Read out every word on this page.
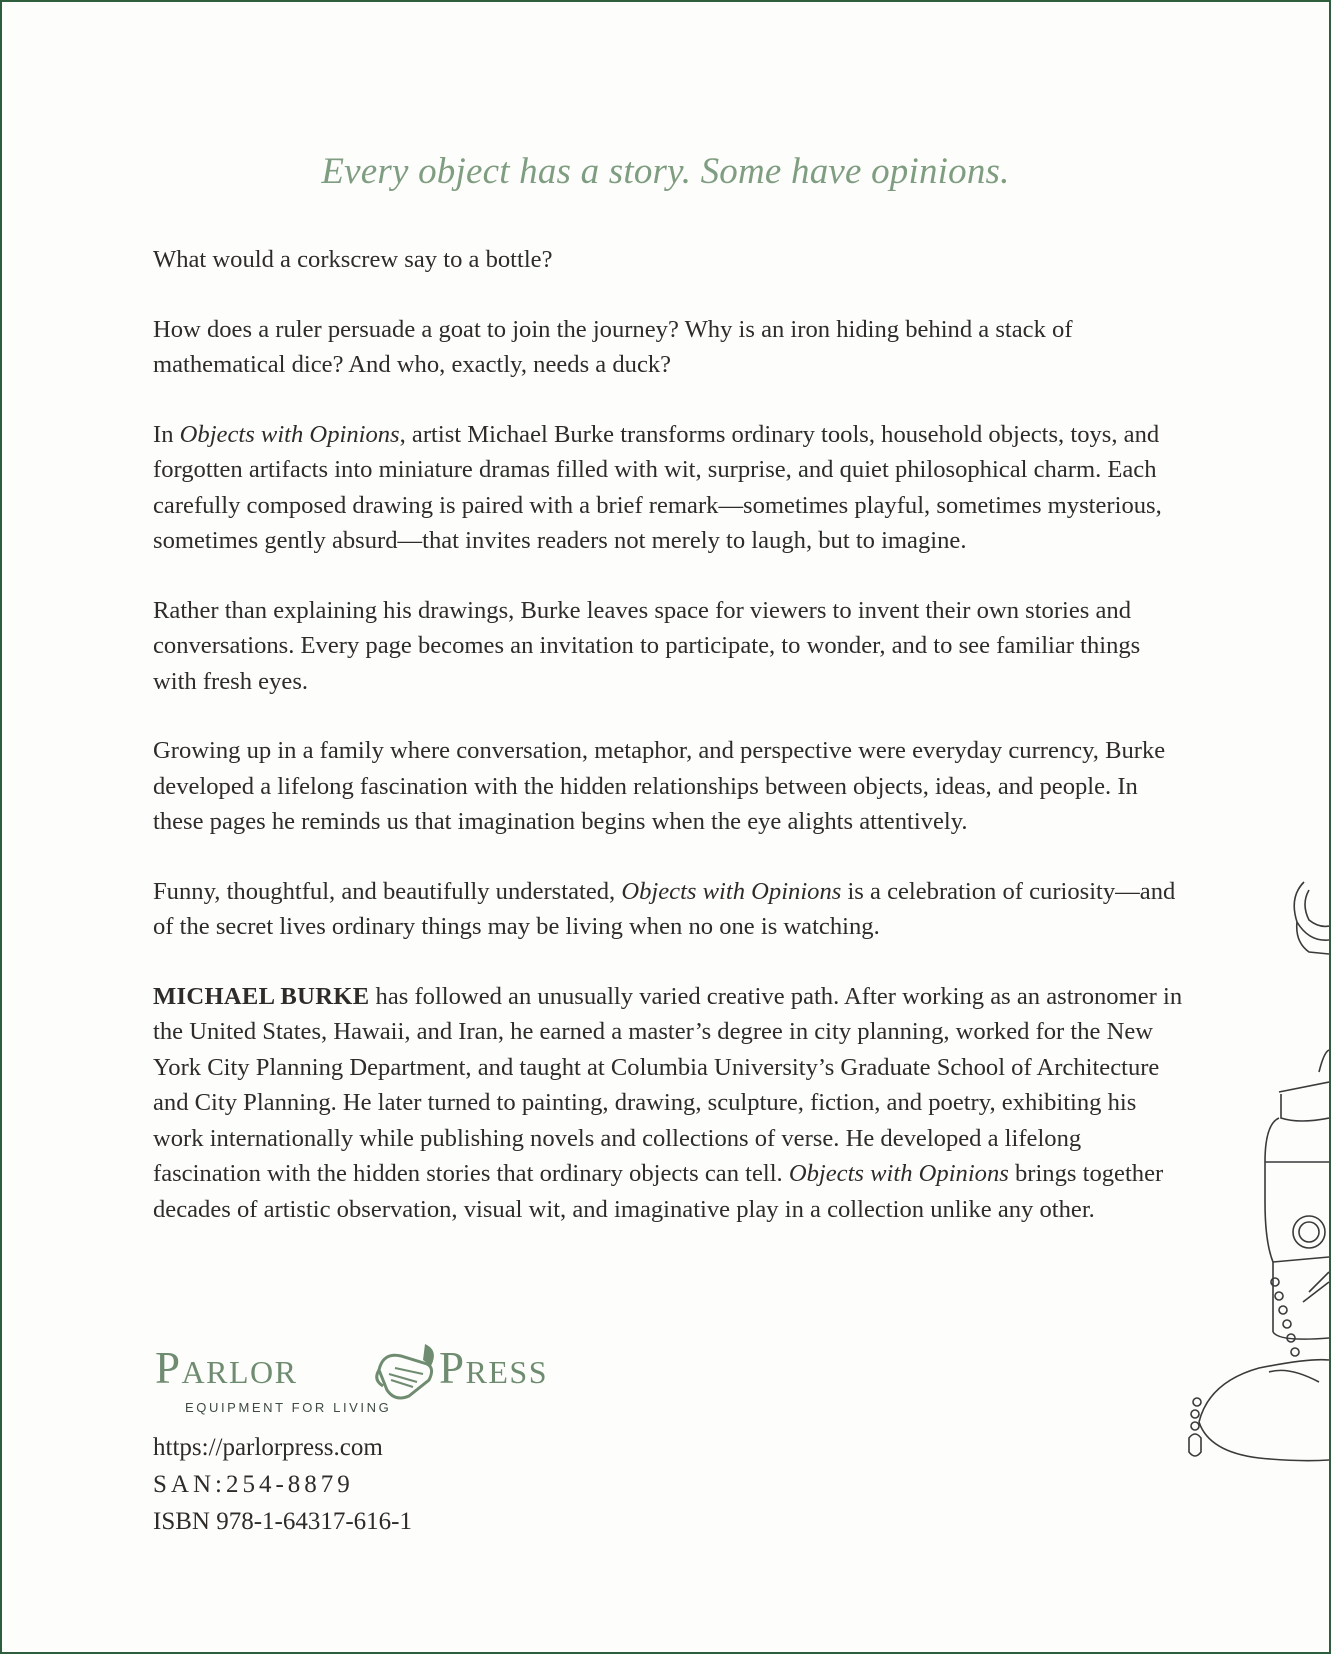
Every object has a story. Some have opinions.

What would a corkscrew say to a bottle?

How does a ruler persuade a goat to join the journey? Why is an iron hiding behind a stack of mathematical dice? And who, exactly, needs a duck?

In Objects with Opinions, artist Michael Burke transforms ordinary tools, household objects, toys, and forgotten artifacts into miniature dramas filled with wit, surprise, and quiet philosophical charm. Each carefully composed drawing is paired with a brief remark—sometimes playful, sometimes mysterious, sometimes gently absurd—that invites readers not merely to laugh, but to imagine.

Rather than explaining his drawings, Burke leaves space for viewers to invent their own stories and conversations. Every page becomes an invitation to participate, to wonder, and to see familiar things with fresh eyes.

Growing up in a family where conversation, metaphor, and perspective were everyday currency, Burke developed a lifelong fascination with the hidden relationships between objects, ideas, and people. In these pages he reminds us that imagination begins when the eye alights attentively.

Funny, thoughtful, and beautifully understated, Objects with Opinions is a celebration of curiosity—and of the secret lives ordinary things may be living when no one is watching.

MICHAEL BURKE has followed an unusually varied creative path. After working as an astronomer in the United States, Hawaii, and Iran, he earned a master’s degree in city planning, worked for the New York City Planning Department, and taught at Columbia University’s Graduate School of Architecture and City Planning. He later turned to painting, drawing, sculpture, fiction, and poetry, exhibiting his work internationally while publishing novels and collections of verse. He developed a lifelong fascination with the hidden stories that ordinary objects can tell. Objects with Opinions brings together decades of artistic observation, visual wit, and imaginative play in a collection unlike any other.

Parlor	Press
EQUIPMENT FOR LIVING
https://parlorpress.com
SAN:254-8879
ISBN 978-1-64317-616-1
